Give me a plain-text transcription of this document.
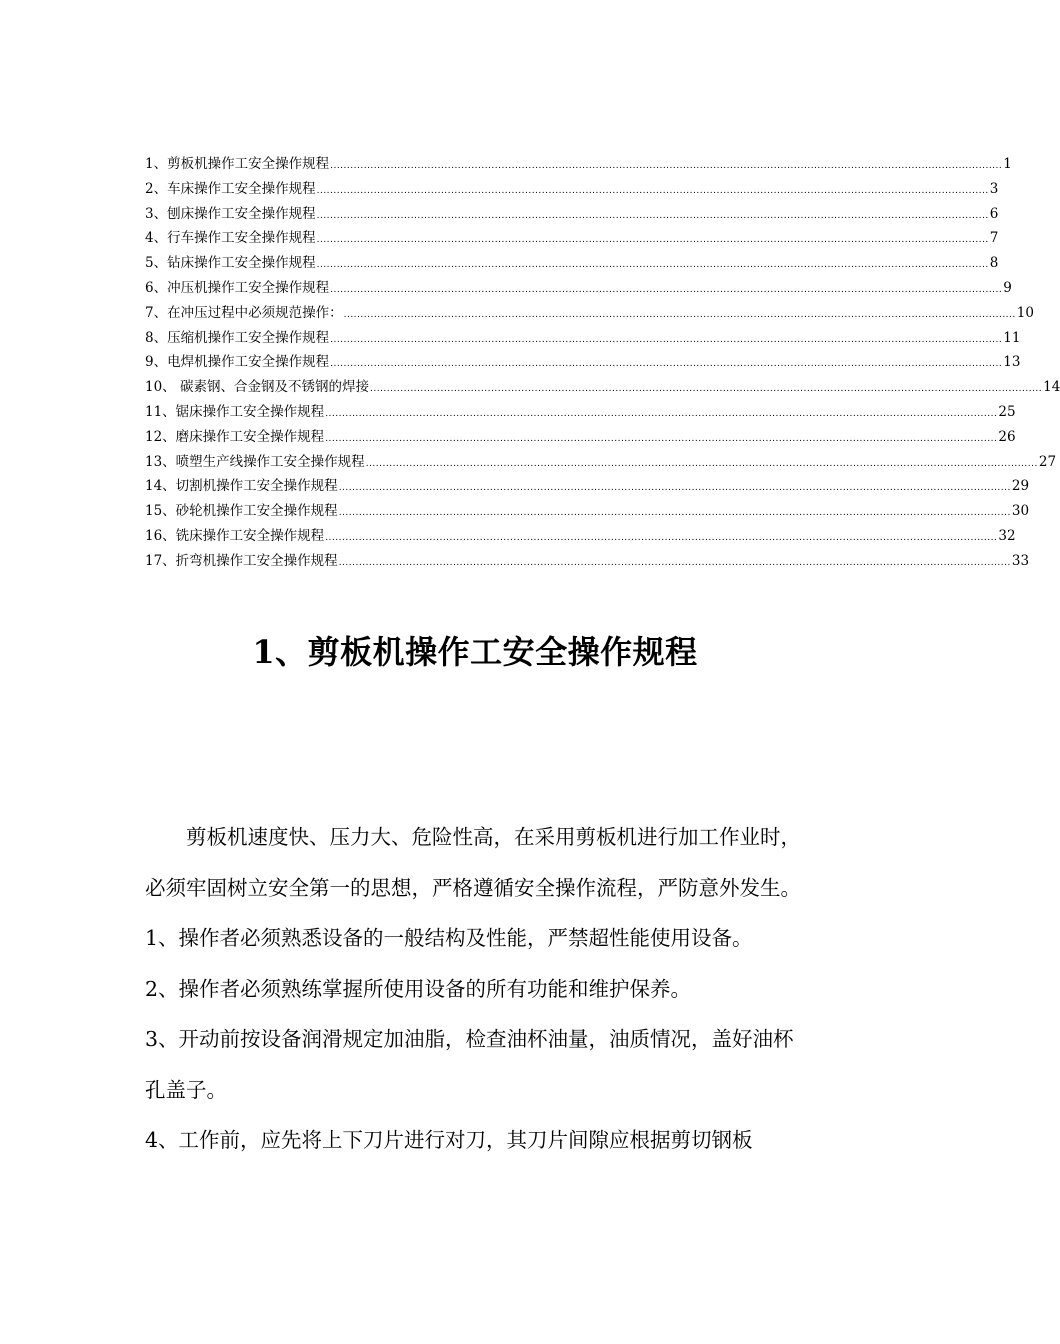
1、剪板机操作工安全操作规程 ........................................................................................................................................................................................................ 1
2、车床操作工安全操作规程 ........................................................................................................................................................................................................ 3
3、刨床操作工安全操作规程 ........................................................................................................................................................................................................ 6
4、行车操作工安全操作规程 ........................................................................................................................................................................................................ 7
5、钻床操作工安全操作规程 ........................................................................................................................................................................................................ 8
6、冲压机操作工安全操作规程 ........................................................................................................................................................................................................ 9
7、在冲压过程中必须规范操作： ........................................................................................................................................................................................................ 10
8、压缩机操作工安全操作规程 ........................................................................................................................................................................................................ 11
9、电焊机操作工安全操作规程 ........................................................................................................................................................................................................ 13
10、 碳素钢、合金钢及不锈钢的焊接 ........................................................................................................................................................................................................ 14
11、锯床操作工安全操作规程 ........................................................................................................................................................................................................ 25
12、磨床操作工安全操作规程 ........................................................................................................................................................................................................ 26
13、喷塑生产线操作工安全操作规程 ........................................................................................................................................................................................................ 27
14、切割机操作工安全操作规程 ........................................................................................................................................................................................................ 29
15、砂轮机操作工安全操作规程 ........................................................................................................................................................................................................ 30
16、铣床操作工安全操作规程 ........................................................................................................................................................................................................ 32
17、折弯机操作工安全操作规程 ........................................................................................................................................................................................................ 33
1、剪板机操作工安全操作规程

剪板机速度快、压力大、危险性高，在采用剪板机进行加工作业时，必须牢固树立安全第一的思想，严格遵循安全操作流程，严防意外发生。

1、操作者必须熟悉设备的一般结构及性能，严禁超性能使用设备。

2、操作者必须熟练掌握所使用设备的所有功能和维护保养。

3、开动前按设备润滑规定加油脂，检查油杯油量，油质情况，盖好油杯孔盖子。

4、工作前，应先将上下刀片进行对刀，其刀片间隙应根据剪切钢板
